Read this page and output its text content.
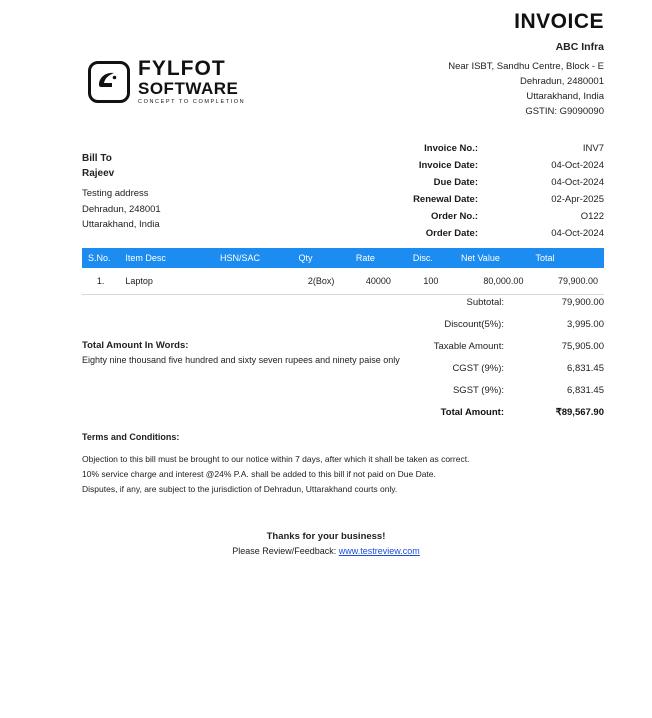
INVOICE
ABC Infra
Near ISBT, Sandhu Centre, Block - E
Dehradun, 2480001
Uttarakhand, India
GSTIN: G9090090
FYLFOT
SOFTWARE
CONCEPT TO COMPLETION
Bill To
Rajeev
Testing address
Dehradun, 248001
Uttarakhand, India
Invoice No.:	INV7
Invoice Date:	04-Oct-2024
Due Date:	04-Oct-2024
Renewal Date:	02-Apr-2025
Order No.:	O122
Order Date:	04-Oct-2024
S.No.	Item Desc	HSN/SAC	Qty	Rate	Disc.	Net Value	Total
1.	Laptop		2(Box)	40000	100	80,000.00	79,900.00
Subtotal:	79,900.00
Discount(5%):	3,995.00
Taxable Amount:	75,905.00
CGST (9%):	6,831.45
SGST (9%):	6,831.45
Total Amount:	₹89,567.90
Total Amount In Words:
Eighty nine thousand five hundred and sixty seven rupees and ninety paise only
Terms and Conditions:
Objection to this bill must be brought to our notice within 7 days, after which it shall be taken as correct.
10% service charge and interest @24% P.A. shall be added to this bill if not paid on Due Date.
Disputes, if any, are subject to the jurisdiction of Dehradun, Uttarakhand courts only.
Thanks for your business!
Please Review/Feedback: www.testreview.com
